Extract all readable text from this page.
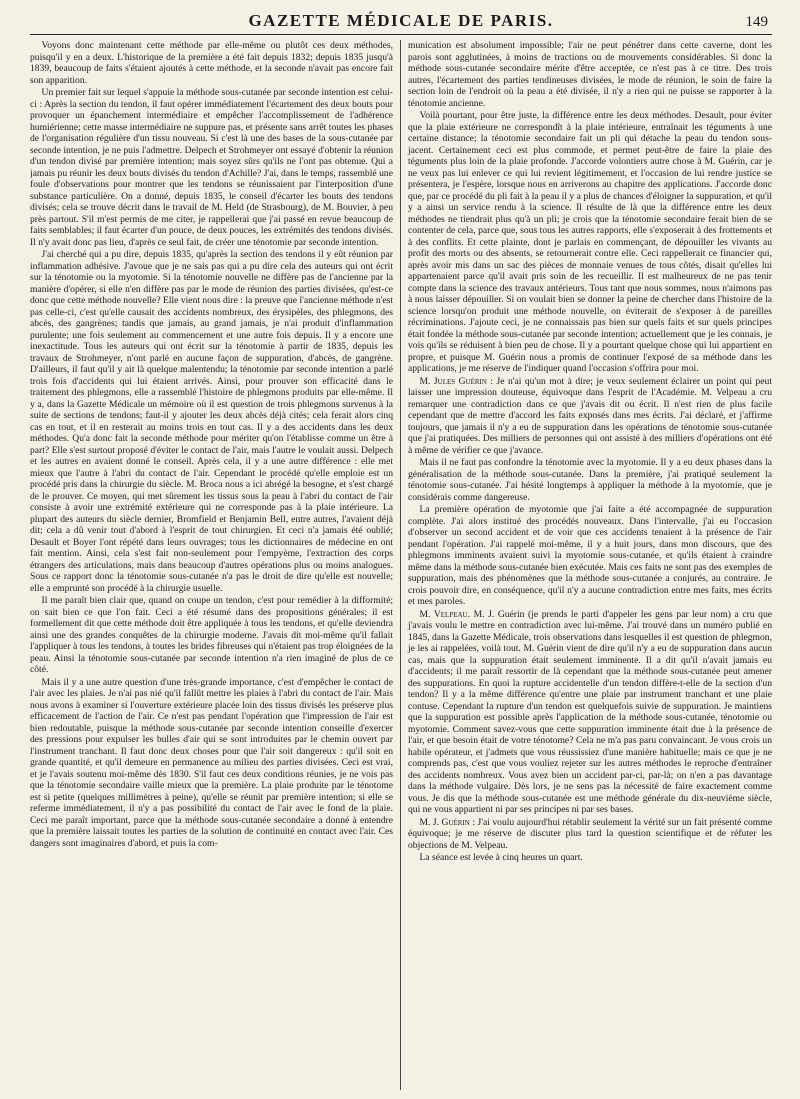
GAZETTE MÉDICALE DE PARIS.	149

Voyons donc maintenant cette méthode par elle-même ou plutôt ces deux méthodes, puisqu'il y en a deux. L'historique de la première a été fait depuis 1832; depuis 1835 jusqu'à 1839, beaucoup de faits s'étaient ajoutés à cette méthode, et la seconde n'avait pas encore fait son apparition.

Un premier fait sur lequel s'appuie la méthode sous-cutanée par seconde intention est celui-ci : Après la section du tendon, il faut opérer immédiatement l'écartement des deux bouts pour provoquer un épanchement intermédiaire et empêcher l'accomplissement de l'adhérence humiérienne; cette masse intermédiaire ne suppure pas, et présente sans arrêt toutes les phases de l'organisation régulière d'un tissu nouveau. Si c'est là une des bases de la sous-cutanée par seconde intention, je ne puis l'admettre. Delpech et Strohmeyer ont essayé d'obtenir la réunion d'un tendon divisé par première intention; mais soyez sûrs qu'ils ne l'ont pas obtenue. Qui a jamais pu réunir les deux bouts divisés du tendon d'Achille? J'ai, dans le temps, rassemblé une foule d'observations pour montrer que les tendons se réunissaient par l'interposition d'une substance particulière. On a donné, depuis 1835, le conseil d'écarter les bouts des tendons divisés; cela se trouve décrit dans le travail de M. Held (de Strasbourg), de M. Bouvier, à peu près partout. S'il m'est permis de me citer, je rappellerai que j'ai passé en revue beaucoup de faits semblables; il faut écarter d'un pouce, de deux pouces, les extrémités des tendons divisés. Il n'y avait donc pas lieu, d'après ce seul fait, de créer une ténotomie par seconde intention.

J'ai cherché qui a pu dire, depuis 1835, qu'après la section des tendons il y eût réunion par inflammation adhésive. J'avoue que je ne sais pas qui a pu dire cela des auteurs qui ont écrit sur la ténotomie ou la myotomie. Si la ténotomie nouvelle ne diffère pas de l'ancienne par la manière d'opérer, si elle n'en diffère pas par le mode de réunion des parties divisées, qu'est-ce donc que cette méthode nouvelle? Elle vient nous dire : la preuve que l'ancienne méthode n'est pas celle-ci, c'est qu'elle causait des accidents nombreux, des érysipèles, des phlegmons, des abcès, des gangrènes; tandis que jamais, au grand jamais, je n'ai produit d'inflammation purulente; une fois seulement au commencement et une autre fois depuis. Il y a encore une inexactitude. Tous les auteurs qui ont écrit sur la ténotomie à partir de 1835, depuis les travaux de Strohmeyer, n'ont parlé en aucune façon de suppuration, d'abcès, de gangrène. D'ailleurs, il faut qu'il y ait là quelque malentendu; la ténotomie par seconde intention a parlé trois fois d'accidents qui lui étaient arrivés. Ainsi, pour prouver son efficacité dans le traitement des phlegmons, elle a rassemblé l'histoire de phlegmons produits par elle-même. Il y a, dans la Gazette Médicale un mémoire où il est question de trois phlegmons survenus à la suite de sections de tendons; faut-il y ajouter les deux abcès déjà cités; cela ferait alors cinq cas en tout, et il en resterait au moins trois en tout cas. Il y a des accidents dans les deux méthodes. Qu'a donc fait la seconde méthode pour mériter qu'on l'établisse comme un être à part? Elle s'est surtout proposé d'éviter le contact de l'air, mais l'autre le voulait aussi. Delpech et les autres en avaient donné le conseil. Après cela, il y a une autre différence : elle met mieux que l'autre à l'abri du contact de l'air. Cependant le procédé qu'elle emploie est un procédé pris dans la chirurgie du siècle. M. Broca nous a ici abrégé la besogne, et s'est chargé de le prouver. Ce moyen, qui met sûrement les tissus sous la peau à l'abri du contact de l'air consiste à avoir une extrémité extérieure qui ne corresponde pas à la plaie intérieure. La plupart des auteurs du siècle dernier, Bromfield et Benjamin Bell, entre autres, l'avaient déjà dit; cela a dû venir tout d'abord à l'esprit de tout chirurgien. Et ceci n'a jamais été oublié; Desault et Boyer l'ont répété dans leurs ouvrages; tous les dictionnaires de médecine en ont fait mention. Ainsi, cela s'est fait non-seulement pour l'empyème, l'extraction des corps étrangers des articulations, mais dans beaucoup d'autres opérations plus ou moins analogues. Sous ce rapport donc la ténotomie sous-cutanée n'a pas le droit de dire qu'elle est nouvelle; elle a emprunté son procédé à la chirurgie usuelle.

Il me paraît bien clair que, quand on coupe un tendon, c'est pour remédier à la difformité; on sait bien ce que l'on fait. Ceci a été résumé dans des propositions générales; il est formellement dit que cette méthode doit être appliquée à tous les tendons, et qu'elle deviendra ainsi une des grandes conquêtes de la chirurgie moderne. J'avais dit moi-même qu'il fallait l'appliquer à tous les tendons, à toutes les brides fibreuses qui n'étaient pas trop éloignées de la peau. Ainsi la ténotomie sous-cutanée par seconde intention n'a rien imaginé de plus de ce côté.

Mais il y a une autre question d'une très-grande importance, c'est d'empêcher le contact de l'air avec les plaies. Je n'ai pas nié qu'il fallût mettre les plaies à l'abri du contact de l'air. Mais nous avons à examiner si l'ouverture extérieure placée loin des tissus divisés les préserve plus efficacement de l'action de l'air. Ce n'est pas pendant l'opération que l'impression de l'air est bien redoutable, puisque la méthode sous-cutanée par seconde intention conseille d'exercer des pressions pour expulser les bulles d'air qui se sont introduites par le chemin ouvert par l'instrument tranchant. Il faut donc deux choses pour que l'air soit dangereux : qu'il soit en grande quantité, et qu'il demeure en permanence au milieu des parties divisées. Ceci est vrai, et je l'avais soutenu moi-même dès 1830. S'il faut ces deux conditions réunies, je ne vois pas que la ténotomie secondaire vaille mieux que la première. La plaie produite par le ténotome est si petite (quelques millimètres à peine), qu'elle se réunit par première intention; si elle se referme immédiatement, il n'y a pas possibilité du contact de l'air avec le fond de la plaie. Ceci me paraît important, parce que la méthode sous-cutanée secondaire a donné à entendre que la première laissait toutes les parties de la solution de continuité en contact avec l'air. Ces dangers sont imaginaires d'abord, et puis la com-

munication est absolument impossible; l'air ne peut pénétrer dans cette caverne, dont les parois sont agglutinées, à moins de tractions ou de mouvements considérables. Si donc la méthode sous-cutanée secondaire mérite d'être acceptée, ce n'est pas à ce titre. Des trois autres, l'écartement des parties tendineuses divisées, le mode de réunion, le soin de faire la section loin de l'endroit où la peau a été divisée, il n'y a rien qui ne puisse se rapporter à la ténotomie ancienne.

Voilà pourtant, pour être juste, la différence entre les deux méthodes. Desault, pour éviter que la plaie extérieure ne correspondît à la plaie intérieure, entraînait les téguments à une certaine distance; la ténotomie secondaire fait un pli qui détache la peau du tendon sous-jacent. Certainement ceci est plus commode, et permet peut-être de faire la plaie des téguments plus loin de la plaie profonde. J'accorde volontiers autre chose à M. Guérin, car je ne veux pas lui enlever ce qui lui revient légitimement, et l'occasion de lui rendre justice se présentera, je l'espère, lorsque nous en arriverons au chapitre des applications. J'accorde donc que, par ce procédé du pli fait à la peau il y a plus de chances d'éloigner la suppuration, et qu'il y a ainsi un service rendu à la science. Il résulte de là que la différence entre les deux méthodes ne tiendrait plus qu'à un pli; je crois que la ténotomie secondaire ferait bien de se contenter de cela, parce que, sous tous les autres rapports, elle s'exposerait à des frottements et à des conflits. Et cette plainte, dont je parlais en commençant, de dépouiller les vivants au profit des morts ou des absents, se retournerait contre elle. Ceci rappellerait ce financier qui, après avoir mis dans un sac des pièces de monnaie venues de tous côtés, disait qu'elles lui appartenaient parce qu'il avait pris soin de les recueillir. Il est malheureux de ne pas tenir compte dans la science des travaux antérieurs. Tous tant que nous sommes, nous n'aimons pas à nous laisser dépouiller. Si on voulait bien se donner la peine de chercher dans l'histoire de la science lorsqu'on produit une méthode nouvelle, on éviterait de s'exposer à de pareilles récriminations. J'ajoute ceci, je ne connaissais pas bien sur quels faits et sur quels principes était fondée la méthode sous-cutanée par seconde intention; actuellement que je les connais, je vois qu'ils se réduisent à bien peu de chose. Il y a pourtant quelque chose qui lui appartient en propre, et puisque M. Guérin nous a promis de continuer l'exposé de sa méthode dans les applications, je me réserve de l'indiquer quand l'occasion s'offrira pour moi.

M. Jules Guérin : Je n'ai qu'un mot à dire; je veux seulement éclairer un point qui peut laisser une impression douteuse, équivoque dans l'esprit de l'Académie. M. Velpeau a cru remarquer une contradiction dans ce que j'avais dit ou écrit. Il n'est rien de plus facile cependant que de mettre d'accord les faits exposés dans mes écrits. J'ai déclaré, et j'affirme toujours, que jamais il n'y a eu de suppuration dans les opérations de ténotomie sous-cutanée que j'ai pratiquées. Des milliers de personnes qui ont assisté à des milliers d'opérations ont été à même de vérifier ce que j'avance.

Mais il ne faut pas confondre la ténotomie avec la myotomie. Il y a eu deux phases dans la généralisation de la méthode sous-cutanée. Dans la première, j'ai pratiqué seulement la ténotomie sous-cutanée. J'ai hésité longtemps à appliquer la méthode à la myotomie, que je considérais comme dangereuse.

La première opération de myotomie que j'ai faite a été accompagnée de suppuration complète. J'ai alors institué des procédés nouveaux. Dans l'intervalle, j'ai eu l'occasion d'observer un second accident et de voir que ces accidents tenaient à la présence de l'air pendant l'opération. J'ai rappelé moi-même, il y a huit jours, dans mon discours, que des phlegmons imminents avaient suivi la myotomie sous-cutanée, et qu'ils étaient à craindre même dans la méthode sous-cutanée bien exécutée. Mais ces faits ne sont pas des exemples de suppuration, mais des phénomènes que la méthode sous-cutanée a conjurés, au contraire. Je crois pouvoir dire, en conséquence, qu'il n'y a aucune contradiction entre mes faits, mes écrits et mes paroles.

M. Velpeau. M. J. Guérin (je prends le parti d'appeler les gens par leur nom) a cru que j'avais voulu le mettre en contradiction avec lui-même. J'ai trouvé dans un numéro publié en 1845, dans la Gazette Médicale, trois observations dans lesquelles il est question de phlegmon, je les ai rappelées, voilà tout. M. Guérin vient de dire qu'il n'y a eu de suppuration dans aucun cas, mais que la suppuration était seulement imminente. Il a dit qu'il n'avait jamais eu d'accidents; il me paraît ressortir de là cependant que la méthode sous-cutanée peut amener des suppurations. En quoi la rupture accidentelle d'un tendon diffère-t-elle de la section d'un tendon? Il y a la même différence qu'entre une plaie par instrument tranchant et une plaie contuse. Cependant la rupture d'un tendon est quelquefois suivie de suppuration. Je maintiens que la suppuration est possible après l'application de la méthode sous-cutanée, ténotomie ou myotomie. Comment savez-vous que cette suppuration imminente était due à la présence de l'air, et que besoin était de votre ténotome? Cela ne m'a pas paru convaincant. Je vous crois un habile opérateur, et j'admets que vous réussissiez d'une manière habituelle; mais ce que je ne comprends pas, c'est que vous vouliez rejeter sur les autres méthodes le reproche d'entraîner des accidents nombreux. Vous avez bien un accident par-ci, par-là; on n'en a pas davantage dans la méthode vulgaire. Dès lors, je ne sens pas la nécessité de faire exactement comme vous. Je dis que la méthode sous-cutanée est une méthode générale du dix-neuvième siècle, qui ne vous appartient ni par ses principes ni par ses bases.

M. J. Guérin : J'ai voulu aujourd'hui rétablir seulement la vérité sur un fait présenté comme équivoque; je me réserve de discuter plus tard la question scientifique et de réfuter les objections de M. Velpeau.

La séance est levée à cinq heures un quart.
